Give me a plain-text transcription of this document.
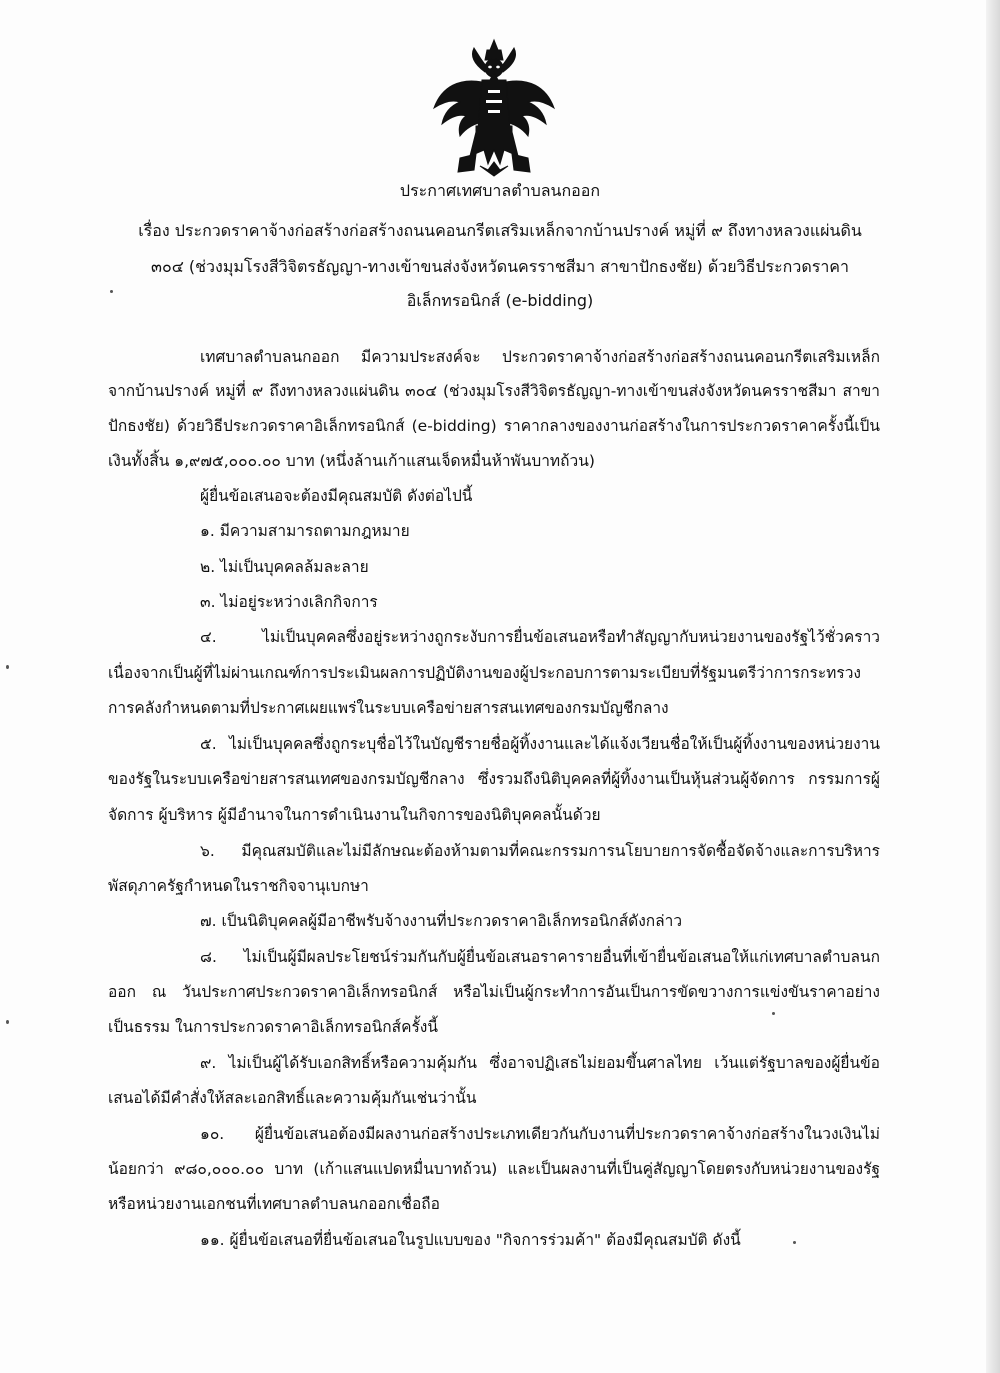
ประกาศเทศบาลตำบลนกออก
เรื่อง ประกวดราคาจ้างก่อสร้างก่อสร้างถนนคอนกรีตเสริมเหล็กจากบ้านปรางค์ หมู่ที่ ๙ ถึงทางหลวงแผ่นดิน
๓๐๔ (ช่วงมุมโรงสีวิจิตรธัญญา-ทางเข้าขนส่งจังหวัดนครราชสีมา สาขาปักธงชัย) ด้วยวิธีประกวดราคา
อิเล็กทรอนิกส์ (e-bidding)
เทศบาลตำบลนกออก มีความประสงค์จะ ประกวดราคาจ้างก่อสร้างก่อสร้างถนนคอนกรีตเสริมเหล็ก
จากบ้านปรางค์ หมู่ที่ ๙ ถึงทางหลวงแผ่นดิน ๓๐๔ (ช่วงมุมโรงสีวิจิตรธัญญา-ทางเข้าขนส่งจังหวัดนครราชสีมา สาขา
ปักธงชัย) ด้วยวิธีประกวดราคาอิเล็กทรอนิกส์ (e-bidding) ราคากลางของงานก่อสร้างในการประกวดราคาครั้งนี้เป็น
เงินทั้งสิ้น ๑,๙๗๕,๐๐๐.๐๐ บาท (หนึ่งล้านเก้าแสนเจ็ดหมื่นห้าพันบาทถ้วน)
ผู้ยื่นข้อเสนอจะต้องมีคุณสมบัติ ดังต่อไปนี้
๑. มีความสามารถตามกฎหมาย
๒. ไม่เป็นบุคคลล้มละลาย
๓. ไม่อยู่ระหว่างเลิกกิจการ
๔. ไม่เป็นบุคคลซึ่งอยู่ระหว่างถูกระงับการยื่นข้อเสนอหรือทำสัญญากับหน่วยงานของรัฐไว้ชั่วคราว
เนื่องจากเป็นผู้ที่ไม่ผ่านเกณฑ์การประเมินผลการปฏิบัติงานของผู้ประกอบการตามระเบียบที่รัฐมนตรีว่าการกระทรวง
การคลังกำหนดตามที่ประกาศเผยแพร่ในระบบเครือข่ายสารสนเทศของกรมบัญชีกลาง
๕. ไม่เป็นบุคคลซึ่งถูกระบุชื่อไว้ในบัญชีรายชื่อผู้ทิ้งงานและได้แจ้งเวียนชื่อให้เป็นผู้ทิ้งงานของหน่วยงาน
ของรัฐในระบบเครือข่ายสารสนเทศของกรมบัญชีกลาง ซึ่งรวมถึงนิติบุคคลที่ผู้ทิ้งงานเป็นหุ้นส่วนผู้จัดการ กรรมการผู้
จัดการ ผู้บริหาร ผู้มีอำนาจในการดำเนินงานในกิจการของนิติบุคคลนั้นด้วย
๖. มีคุณสมบัติและไม่มีลักษณะต้องห้ามตามที่คณะกรรมการนโยบายการจัดซื้อจัดจ้างและการบริหาร
พัสดุภาครัฐกำหนดในราชกิจจานุเบกษา
๗. เป็นนิติบุคคลผู้มีอาชีพรับจ้างงานที่ประกวดราคาอิเล็กทรอนิกส์ดังกล่าว
๘. ไม่เป็นผู้มีผลประโยชน์ร่วมกันกับผู้ยื่นข้อเสนอราคารายอื่นที่เข้ายื่นข้อเสนอให้แก่เทศบาลตำบลนก
ออก ณ วันประกาศประกวดราคาอิเล็กทรอนิกส์ หรือไม่เป็นผู้กระทำการอันเป็นการขัดขวางการแข่งขันราคาอย่าง
เป็นธรรม ในการประกวดราคาอิเล็กทรอนิกส์ครั้งนี้
๙. ไม่เป็นผู้ได้รับเอกสิทธิ์หรือความคุ้มกัน ซึ่งอาจปฏิเสธไม่ยอมขึ้นศาลไทย เว้นแต่รัฐบาลของผู้ยื่นข้อ
เสนอได้มีคำสั่งให้สละเอกสิทธิ์และความคุ้มกันเช่นว่านั้น
๑๐. ผู้ยื่นข้อเสนอต้องมีผลงานก่อสร้างประเภทเดียวกันกับงานที่ประกวดราคาจ้างก่อสร้างในวงเงินไม่
น้อยกว่า ๙๘๐,๐๐๐.๐๐ บาท (เก้าแสนแปดหมื่นบาทถ้วน) และเป็นผลงานที่เป็นคู่สัญญาโดยตรงกับหน่วยงานของรัฐ
หรือหน่วยงานเอกชนที่เทศบาลตำบลนกออกเชื่อถือ
๑๑. ผู้ยื่นข้อเสนอที่ยื่นข้อเสนอในรูปแบบของ "กิจการร่วมค้า" ต้องมีคุณสมบัติ ดังนี้
